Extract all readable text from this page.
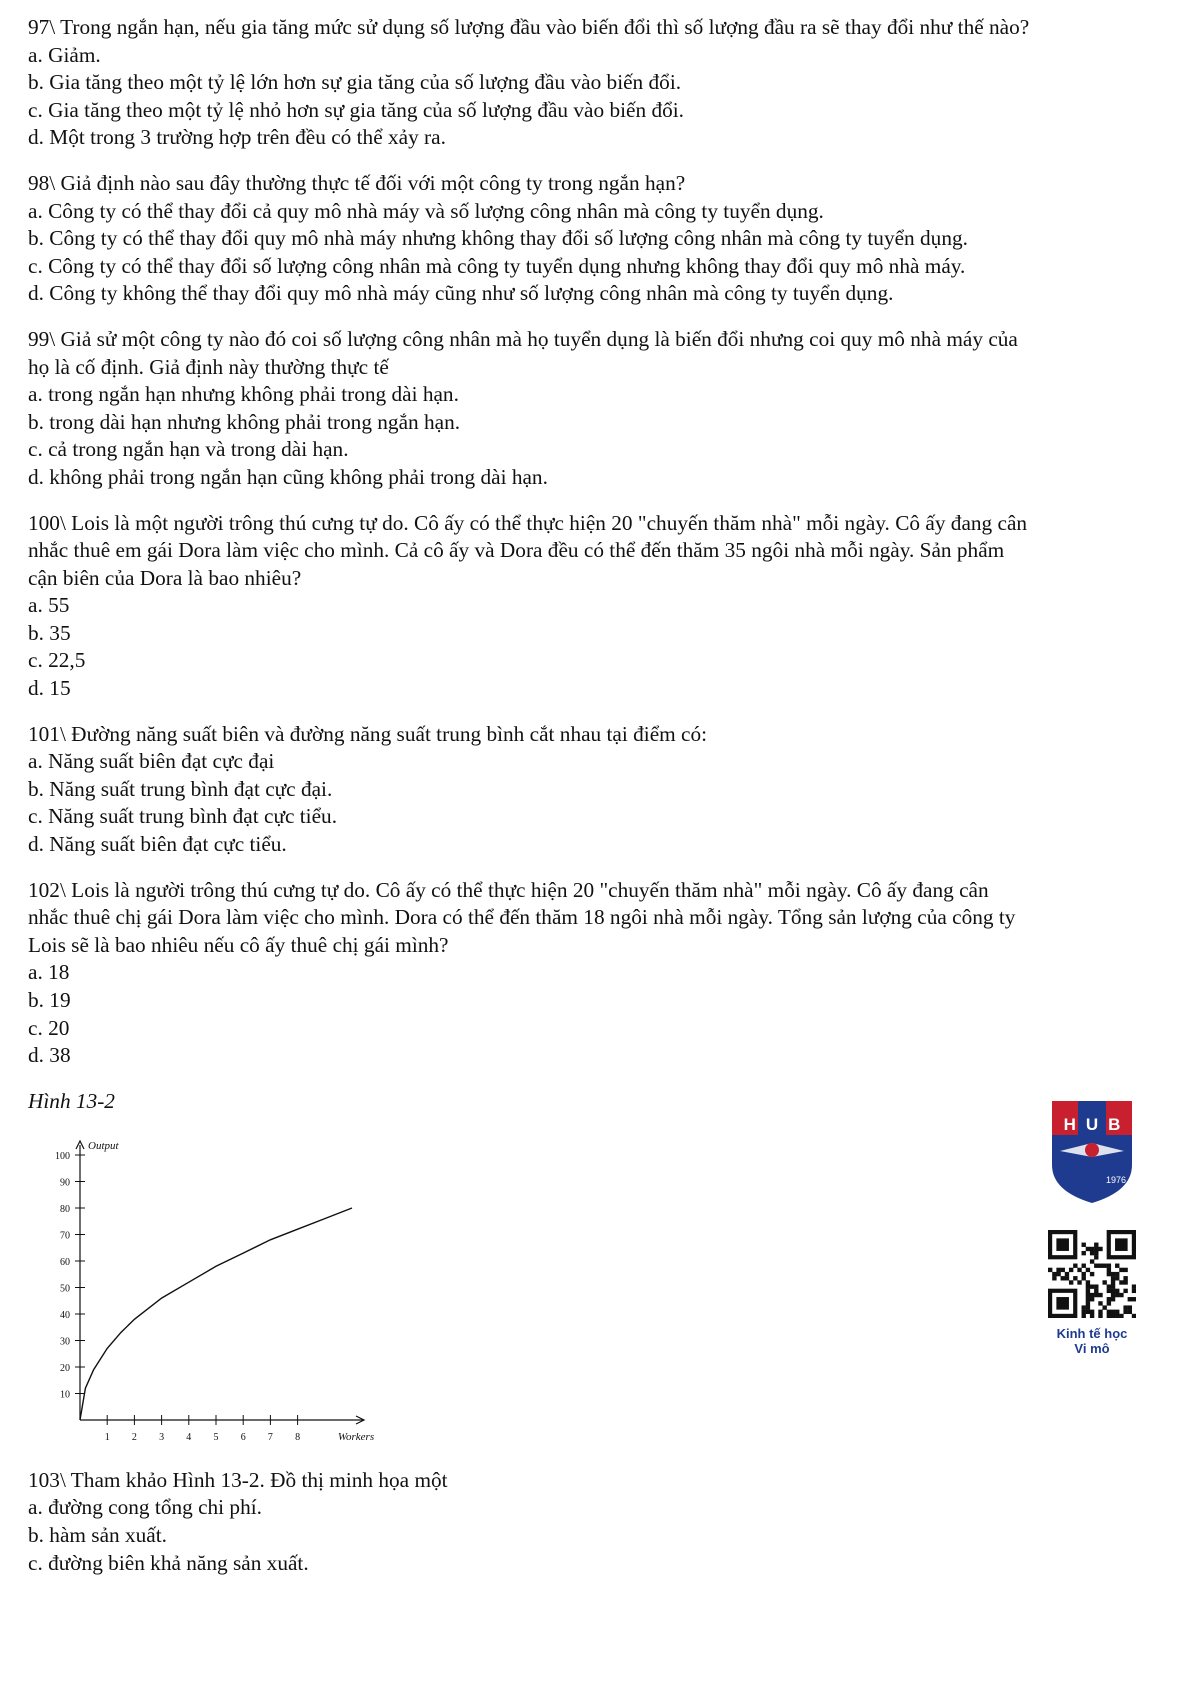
97\ Trong ngắn hạn, nếu gia tăng mức sử dụng số lượng đầu vào biến đổi thì số lượng đầu ra sẽ thay đổi như thế nào?
a. Giảm.
b. Gia tăng theo một tỷ lệ lớn hơn sự gia tăng của số lượng đầu vào biến đổi.
c. Gia tăng theo một tỷ lệ nhỏ hơn sự gia tăng của số lượng đầu vào biến đổi.
d. Một trong 3 trường hợp trên đều có thể xảy ra.
98\ Giả định nào sau đây thường thực tế đối với một công ty trong ngắn hạn?
a. Công ty có thể thay đổi cả quy mô nhà máy và số lượng công nhân mà công ty tuyển dụng.
b. Công ty có thể thay đổi quy mô nhà máy nhưng không thay đổi số lượng công nhân mà công ty tuyển dụng.
c. Công ty có thể thay đổi số lượng công nhân mà công ty tuyển dụng nhưng không thay đổi quy mô nhà máy.
d. Công ty không thể thay đổi quy mô nhà máy cũng như số lượng công nhân mà công ty tuyển dụng.
99\ Giả sử một công ty nào đó coi số lượng công nhân mà họ tuyển dụng là biến đổi nhưng coi quy mô nhà máy của
họ là cố định. Giả định này thường thực tế
a. trong ngắn hạn nhưng không phải trong dài hạn.
b. trong dài hạn nhưng không phải trong ngắn hạn.
c. cả trong ngắn hạn và trong dài hạn.
d. không phải trong ngắn hạn cũng không phải trong dài hạn.
100\ Lois là một người trông thú cưng tự do. Cô ấy có thể thực hiện 20 "chuyến thăm nhà" mỗi ngày. Cô ấy đang cân
nhắc thuê em gái Dora làm việc cho mình. Cả cô ấy và Dora đều có thể đến thăm 35 ngôi nhà mỗi ngày. Sản phẩm
cận biên của Dora là bao nhiêu?
a. 55
b. 35
c. 22,5
d. 15
101\ Đường năng suất biên và đường năng suất trung bình cắt nhau tại điểm có:
a. Năng suất biên đạt cực đại
b. Năng suất trung bình đạt cực đại.
c. Năng suất trung bình đạt cực tiểu.
d. Năng suất biên đạt cực tiểu.
102\ Lois là người trông thú cưng tự do. Cô ấy có thể thực hiện 20 "chuyến thăm nhà" mỗi ngày. Cô ấy đang cân
nhắc thuê chị gái Dora làm việc cho mình. Dora có thể đến thăm 18 ngôi nhà mỗi ngày. Tổng sản lượng của công ty
Lois sẽ là bao nhiêu nếu cô ấy thuê chị gái mình?
a. 18
b. 19
c. 20
d. 38
Hình 13-2
10
20
30
40
50
60
70
80
90
100
1 2 3 4 5 6 7 8
Output
Workers
103\ Tham khảo Hình 13-2. Đồ thị minh họa một
a. đường cong tổng chi phí.
b. hàm sản xuất.
c. đường biên khả năng sản xuất.
H U B
1976
Kinh tế học
Vi mô
